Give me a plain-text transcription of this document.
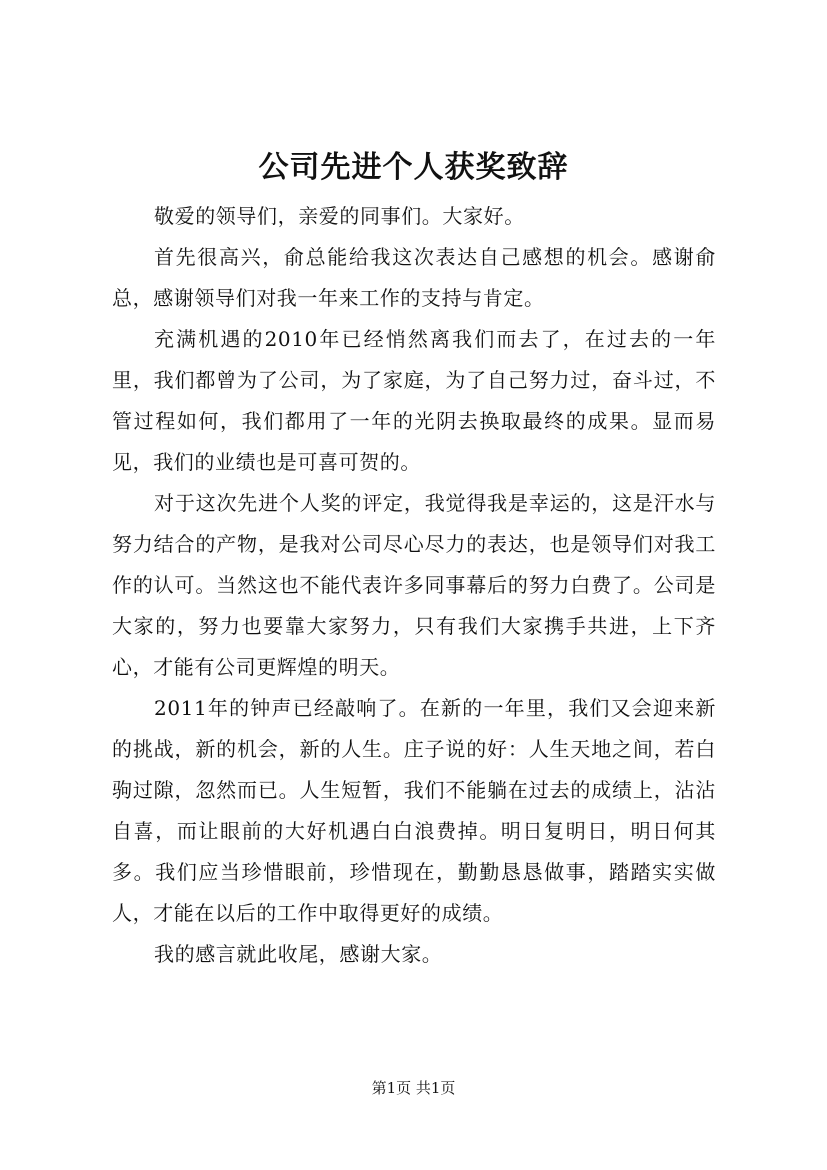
公司先进个人获奖致辞

敬爱的领导们，亲爱的同事们。大家好。

首先很高兴，俞总能给我这次表达自己感想的机会。感谢俞总，感谢领导们对我一年来工作的支持与肯定。

充满机遇的2010年已经悄然离我们而去了，在过去的一年里，我们都曾为了公司，为了家庭，为了自己努力过，奋斗过，不管过程如何，我们都用了一年的光阴去换取最终的成果。显而易见，我们的业绩也是可喜可贺的。

对于这次先进个人奖的评定，我觉得我是幸运的，这是汗水与努力结合的产物，是我对公司尽心尽力的表达，也是领导们对我工作的认可。当然这也不能代表许多同事幕后的努力白费了。公司是大家的，努力也要靠大家努力，只有我们大家携手共进，上下齐心，才能有公司更辉煌的明天。

2011年的钟声已经敲响了。在新的一年里，我们又会迎来新的挑战，新的机会，新的人生。庄子说的好：人生天地之间，若白驹过隙，忽然而已。人生短暂，我们不能躺在过去的成绩上，沾沾自喜，而让眼前的大好机遇白白浪费掉。明日复明日，明日何其多。我们应当珍惜眼前，珍惜现在，勤勤恳恳做事，踏踏实实做人，才能在以后的工作中取得更好的成绩。

我的感言就此收尾，感谢大家。

第1页 共1页
